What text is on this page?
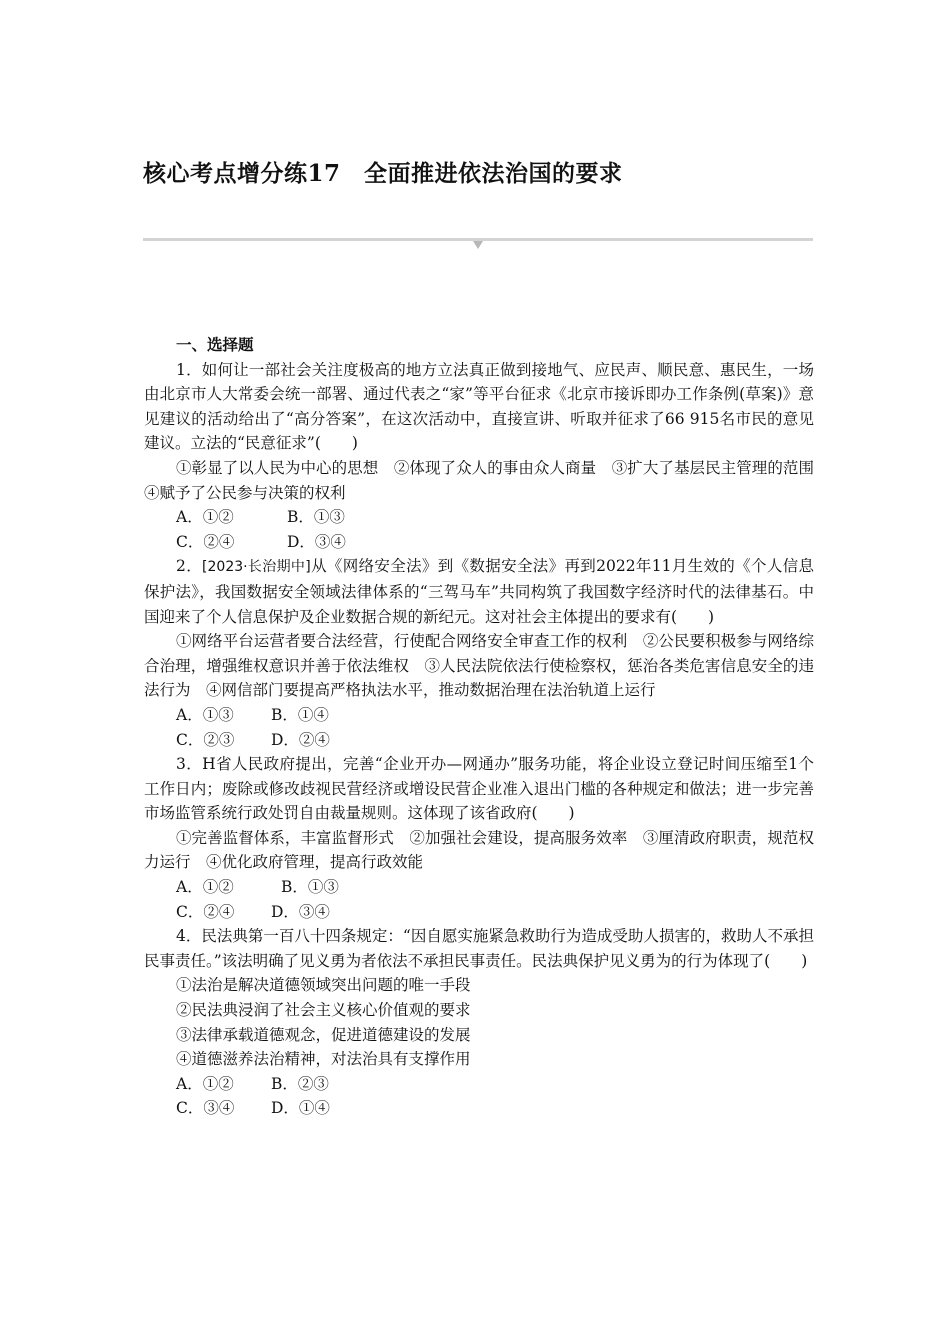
核心考点增分练17　全面推进依法治国的要求

一、选择题

1．如何让一部社会关注度极高的地方立法真正做到接地气、应民声、顺民意、惠民生，一场由北京市人大常委会统一部署、通过代表之“家”等平台征求《北京市接诉即办工作条例(草案)》意见建议的活动给出了“高分答案”，在这次活动中，直接宣讲、听取并征求了66 915名市民的意见建议。立法的“民意征求”(　　)

①彰显了以人民为中心的思想　②体现了众人的事由众人商量　③扩大了基层民主管理的范围　④赋予了公民参与决策的权利

A．①②	B．①③

C．②④	D．③④

2．[2023·长治期中]从《网络安全法》到《数据安全法》再到2022年11月生效的《个人信息保护法》，我国数据安全领域法律体系的“三驾马车”共同构筑了我国数字经济时代的法律基石。中国迎来了个人信息保护及企业数据合规的新纪元。这对社会主体提出的要求有(　　)

①网络平台运营者要合法经营，行使配合网络安全审查工作的权利　②公民要积极参与网络综合治理，增强维权意识并善于依法维权　③人民法院依法行使检察权，惩治各类危害信息安全的违法行为　④网信部门要提高严格执法水平，推动数据治理在法治轨道上运行

A．①③ B．①④

C．②③ D．②④

3．H省人民政府提出，完善“企业开办—网通办”服务功能，将企业设立登记时间压缩至1个工作日内；废除或修改歧视民营经济或增设民营企业准入退出门槛的各种规定和做法；进一步完善市场监管系统行政处罚自由裁量规则。这体现了该省政府(　　)

①完善监督体系，丰富监督形式　②加强社会建设，提高服务效率　③厘清政府职责，规范权力运行　④优化政府管理，提高行政效能

A．①②	B．①③

C．②④ D．③④

4．民法典第一百八十四条规定：“因自愿实施紧急救助行为造成受助人损害的，救助人不承担民事责任。”该法明确了见义勇为者依法不承担民事责任。民法典保护见义勇为的行为体现了(　　)

①法治是解决道德领域突出问题的唯一手段

②民法典浸润了社会主义核心价值观的要求

③法律承载道德观念，促进道德建设的发展

④道德滋养法治精神，对法治具有支撑作用

A．①② B．②③

C．③④ D．①④
